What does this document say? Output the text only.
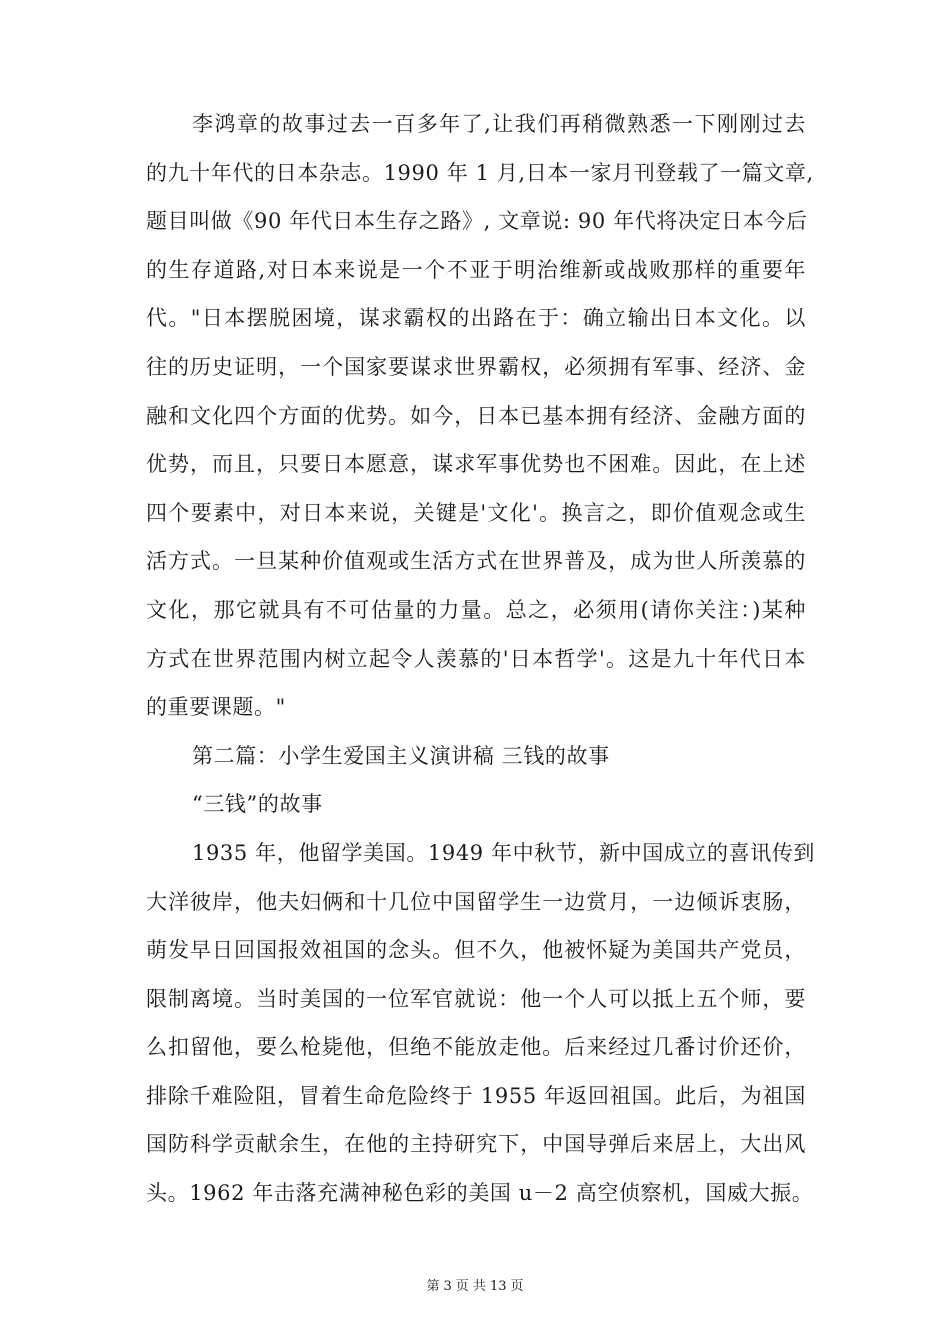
李鸿章的故事过去一百多年了,让我们再稍微熟悉一下刚刚过去
的九十年代的日本杂志。1990 年 1 月,日本一家月刊登载了一篇文章,
题目叫做《90 年代日本生存之路》, 文章说: 90 年代将决定日本今后
的生存道路,对日本来说是一个不亚于明治维新或战败那样的重要年
代。"日本摆脱困境，谋求霸权的出路在于：确立输出日本文化。以
往的历史证明，一个国家要谋求世界霸权，必须拥有军事、经济、金
融和文化四个方面的优势。如今，日本已基本拥有经济、金融方面的
优势，而且，只要日本愿意，谋求军事优势也不困难。因此，在上述
四个要素中，对日本来说，关键是'文化'。换言之，即价值观念或生
活方式。一旦某种价值观或生活方式在世界普及，成为世人所羡慕的
文化，那它就具有不可估量的力量。总之，必须用(请你关注：)某种
方式在世界范围内树立起令人羡慕的'日本哲学'。这是九十年代日本
的重要课题。"
第二篇：小学生爱国主义演讲稿 三钱的故事
“三钱”的故事
1935 年，他留学美国。1949 年中秋节，新中国成立的喜讯传到
大洋彼岸，他夫妇俩和十几位中国留学生一边赏月，一边倾诉衷肠，
萌发早日回国报效祖国的念头。但不久，他被怀疑为美国共产党员，
限制离境。当时美国的一位军官就说：他一个人可以抵上五个师，要
么扣留他，要么枪毙他，但绝不能放走他。后来经过几番讨价还价，
排除千难险阻，冒着生命危险终于 1955 年返回祖国。此后，为祖国
国防科学贡献余生，在他的主持研究下，中国导弹后来居上，大出风
头。1962 年击落充满神秘色彩的美国 u－2 高空侦察机，国威大振。
第 3 页 共 13 页
